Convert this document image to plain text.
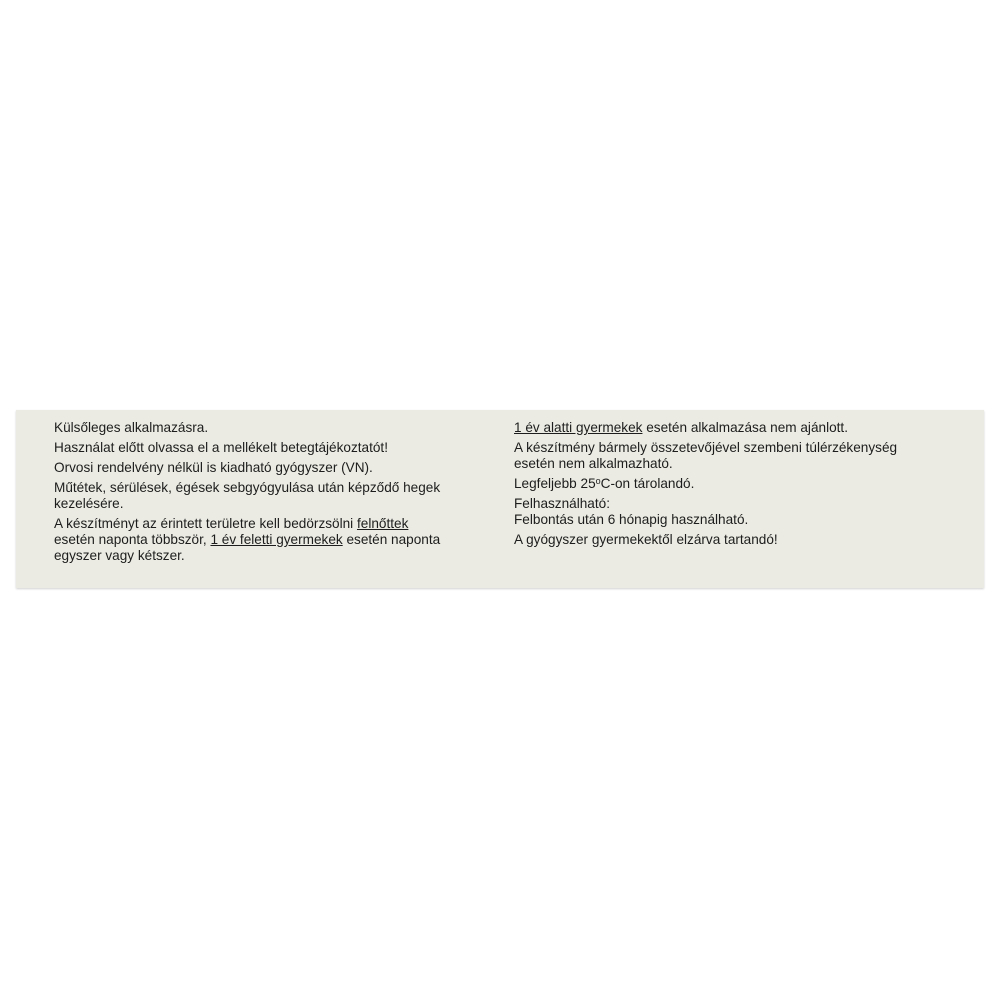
Külsőleges alkalmazásra.

Használat előtt olvassa el a mellékelt betegtájékoztatót!

Orvosi rendelvény nélkül is kiadható gyógyszer (VN).

Műtétek, sérülések, égések sebgyógyulása után képződő hegek

kezelésére.

A készítményt az érintett területre kell bedörzsölni felnőttek

esetén naponta többször, 1 év feletti gyermekek esetén naponta

egyszer vagy kétszer.

1 év alatti gyermekek esetén alkalmazása nem ajánlott.

A készítmény bármely összetevőjével szembeni túlérzékenység

esetén nem alkalmazható.

Legfeljebb 25$^o$C-on tárolandó.

Felhasználható:

Felbontás után 6 hónapig használható.

A gyógyszer gyermekektől elzárva tartandó!
